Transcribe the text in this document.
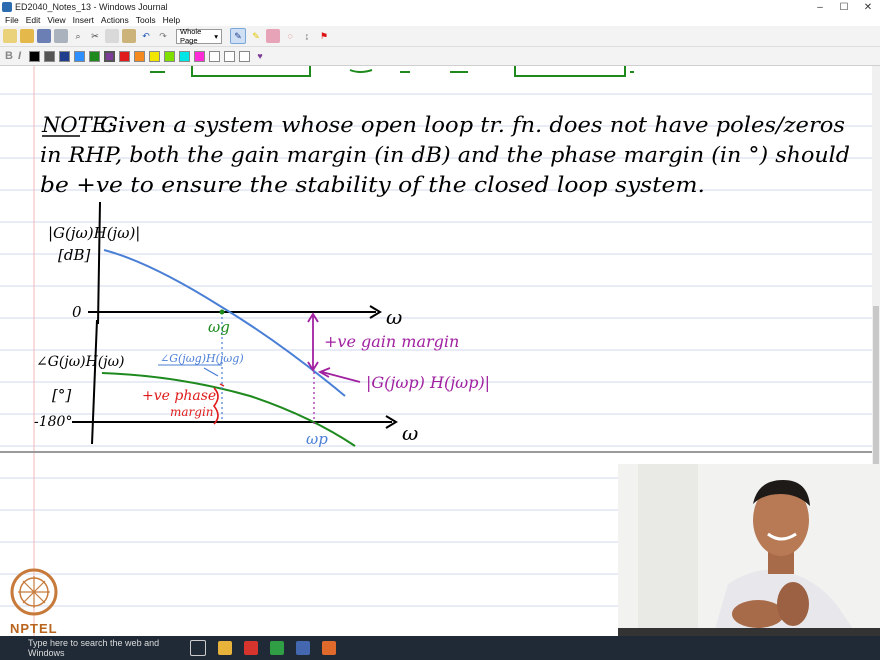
ED2040_Notes_13 - Windows Journal	–	☐	✕
File Edit View Insert Actions Tools Help
⌕	✂	↶	↷	Whole Page	▾	✎	✎	◌	↨	⚑
B I	♥
NOTE:
Given a system whose open loop tr. fn. does not have poles/zeros
in RHP, both the gain margin (in dB) and the phase margin (in °) should
be +ve to ensure the stability of the closed loop system.
|G(jω)H(jω)|
[dB]
0	ω
∠G(jω)H(jω)
[°]
-180°	ω
ωg
ωp
+ve gain margin
|G(jωp) H(jωp)|
∠G(jωg)H(jωg)
+ve phase
margin
NPTEL
Type here to search the web and Windows
